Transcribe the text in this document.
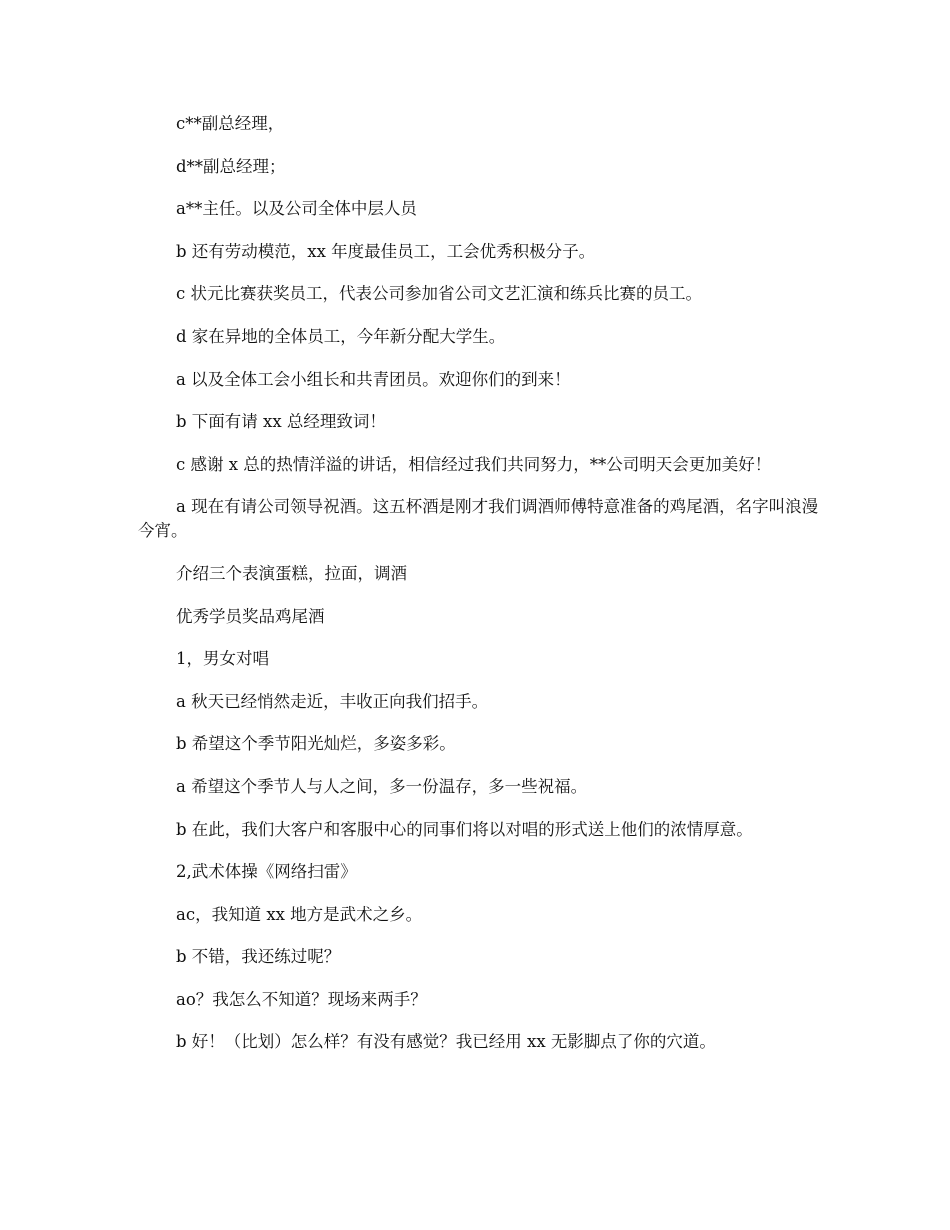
c**副总经理，

d**副总经理；

a**主任。以及公司全体中层人员

b 还有劳动模范，xx 年度最佳员工，工会优秀积极分子。

c 状元比赛获奖员工，代表公司参加省公司文艺汇演和练兵比赛的员工。

d 家在异地的全体员工，今年新分配大学生。

a 以及全体工会小组长和共青团员。欢迎你们的到来！

b 下面有请 xx 总经理致词！

c 感谢 x 总的热情洋溢的讲话，相信经过我们共同努力，**公司明天会更加美好！

a 现在有请公司领导祝酒。这五杯酒是刚才我们调酒师傅特意准备的鸡尾酒，名字叫浪漫今宵。

介绍三个表演蛋糕，拉面，调酒

优秀学员奖品鸡尾酒

1，男女对唱

a 秋天已经悄然走近，丰收正向我们招手。

b 希望这个季节阳光灿烂，多姿多彩。

a 希望这个季节人与人之间，多一份温存，多一些祝福。

b 在此，我们大客户和客服中心的同事们将以对唱的形式送上他们的浓情厚意。

2,武术体操《网络扫雷》

ac，我知道 xx 地方是武术之乡。

b 不错，我还练过呢？

ao？我怎么不知道？现场来两手？

b 好！（比划）怎么样？有没有感觉？我已经用 xx 无影脚点了你的穴道。
